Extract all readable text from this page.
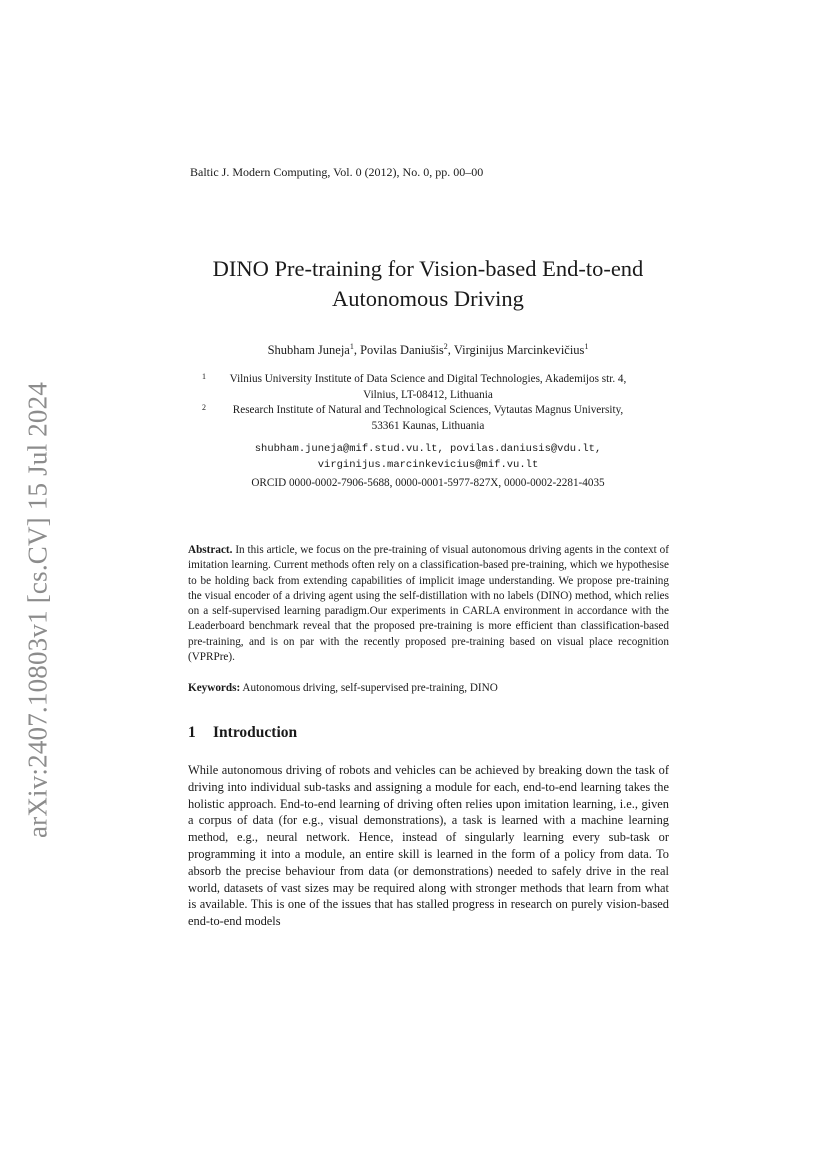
arXiv:2407.10803v1 [cs.CV] 15 Jul 2024
Baltic J. Modern Computing, Vol. 0 (2012), No. 0, pp. 00–00
DINO Pre-training for Vision-based End-to-end
Autonomous Driving
Shubham Juneja$^1$, Povilas Daniušis$^2$, Virginijus Marcinkevičius$^1$
1	Vilnius University Institute of Data Science and Digital Technologies, Akademijos str. 4,
Vilnius, LT-08412, Lithuania
2	Research Institute of Natural and Technological Sciences, Vytautas Magnus University,
53361 Kaunas, Lithuania
shubham.juneja@mif.stud.vu.lt, povilas.daniusis@vdu.lt,
virginijus.marcinkevicius@mif.vu.lt
ORCID 0000-0002-7906-5688, 0000-0001-5977-827X, 0000-0002-2281-4035
Abstract. In this article, we focus on the pre-training of visual autonomous driving agents in the context of imitation learning. Current methods often rely on a classification-based pre-training, which we hypothesise to be holding back from extending capabilities of implicit image understanding. We propose pre-training the visual encoder of a driving agent using the self-distillation with no labels (DINO) method, which relies on a self-supervised learning paradigm.Our experiments in CARLA environment in accordance with the Leaderboard benchmark reveal that the proposed pre-training is more efficient than classification-based pre-training, and is on par with the recently proposed pre-training based on visual place recognition (VPRPre).
Keywords: Autonomous driving, self-supervised pre-training, DINO
1 Introduction
While autonomous driving of robots and vehicles can be achieved by breaking down the task of driving into individual sub-tasks and assigning a module for each, end-to-end learning takes the holistic approach. End-to-end learning of driving often relies upon imitation learning, i.e., given a corpus of data (for e.g., visual demonstrations), a task is learned with a machine learning method, e.g., neural network. Hence, instead of singularly learning every sub-task or programming it into a module, an entire skill is learned in the form of a policy from data. To absorb the precise behaviour from data (or demonstrations) needed to safely drive in the real world, datasets of vast sizes may be required along with stronger methods that learn from what is available. This is one of the issues that has stalled progress in research on purely vision-based end-to-end models
